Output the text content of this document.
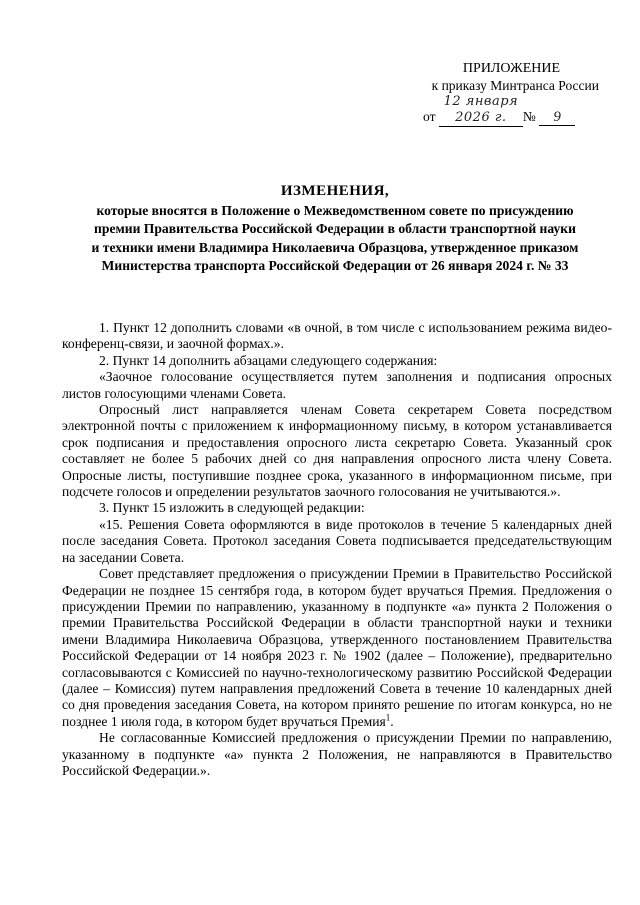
ПРИЛОЖЕНИЕ
к приказу Минтранса России
от 12 января 2026 г. № 9
ИЗМЕНЕНИЯ,
которые вносятся в Положение о Межведомственном совете по присуждению
премии Правительства Российской Федерации в области транспортной науки
и техники имени Владимира Николаевича Образцова, утвержденное приказом
Министерства транспорта Российской Федерации от 26 января 2024 г. № 33

1. Пункт 12 дополнить словами «в очной, в том числе с использованием режима видео-конференц-связи, и заочной формах.».

2. Пункт 14 дополнить абзацами следующего содержания:

«Заочное голосование осуществляется путем заполнения и подписания опросных листов голосующими членами Совета.

Опросный лист направляется членам Совета секретарем Совета посредством электронной почты с приложением к информационному письму, в котором устанавливается срок подписания и предоставления опросного листа секретарю Совета. Указанный срок составляет не более 5 рабочих дней со дня направления опросного листа члену Совета. Опросные листы, поступившие позднее срока, указанного в информационном письме, при подсчете голосов и определении результатов заочного голосования не учитываются.».

3. Пункт 15 изложить в следующей редакции:

«15. Решения Совета оформляются в виде протоколов в течение 5 календарных дней после заседания Совета. Протокол заседания Совета подписывается председательствующим на заседании Совета.

Совет представляет предложения о присуждении Премии в Правительство Российской Федерации не позднее 15 сентября года, в котором будет вручаться Премия. Предложения о присуждении Премии по направлению, указанному в подпункте «а» пункта 2 Положения о премии Правительства Российской Федерации в области транспортной науки и техники имени Владимира Николаевича Образцова, утвержденного постановлением Правительства Российской Федерации от 14 ноября 2023 г. № 1902 (далее – Положение), предварительно согласовываются с Комиссией по научно-технологическому развитию Российской Федерации (далее – Комиссия) путем направления предложений Совета в течение 10 календарных дней со дня проведения заседания Совета, на котором принято решение по итогам конкурса, но не позднее 1 июля года, в котором будет вручаться Премия$^1$.

Не согласованные Комиссией предложения о присуждении Премии по направлению, указанному в подпункте «а» пункта 2 Положения, не направляются в Правительство Российской Федерации.».
